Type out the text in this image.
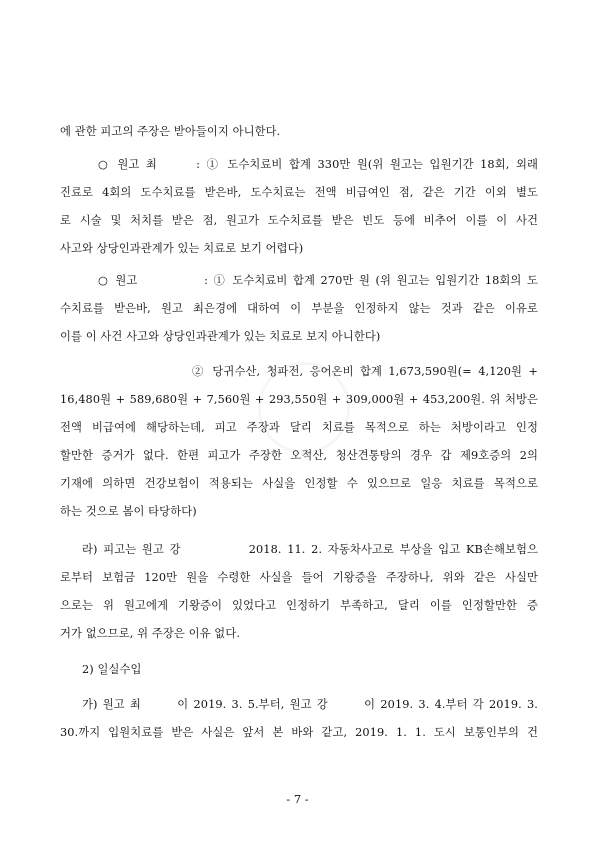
에 관한 피고의 주장은 받아들이지 아니한다.
○ 원고 최      : ① 도수치료비 합계 330만 원(위 원고는 입원기간 18회, 외래
진료로 4회의 도수치료를 받은바, 도수치료는 전액 비급여인 점, 같은 기간 이외 별도
로 시술 및 처치를 받은 점, 원고가 도수치료를 받은 빈도 등에 비추어 이를 이 사건
사고와 상당인과관계가 있는 치료로 보기 어렵다)
○ 원고            : ① 도수치료비 합계 270만 원 (위 원고는 입원기간 18회의 도
수치료를 받은바, 원고 최은경에 대하여 이 부분을 인정하지 않는 것과 같은 이유로
이를 이 사건 사고와 상당인과관계가 있는 치료로 보지 아니한다)
② 당귀수산, 청파전, 응어온비 합계 1,673,590원(= 4,120원 +
16,480원 + 589,680원 + 7,560원 + 293,550원 + 309,000원 + 453,200원. 위 처방은
전액 비급여에 해당하는데, 피고 주장과 달리 치료를 목적으로 하는 처방이라고 인정
할만한 증거가 없다. 한편 피고가 주장한 오적산, 청산견통탕의 경우 갑 제9호증의 2의
기재에 의하면 건강보험이 적용되는 사실을 인정할 수 있으므로 일응 치료를 목적으로
하는 것으로 봄이 타당하다)
라) 피고는 원고 강            2018. 11. 2. 자동차사고로 부상을 입고 KB손해보험으
로부터 보험금 120만 원을 수령한 사실을 들어 기왕증을 주장하나, 위와 같은 사실만
으로는 위 원고에게 기왕증이 있었다고 인정하기 부족하고, 달리 이를 인정할만한 증
거가 없으므로, 위 주장은 이유 없다.
2) 일실수입
가) 원고 최       이 2019. 3. 5.부터, 원고 강       이 2019. 3. 4.부터 각 2019. 3.
30.까지 입원치료를 받은 사실은 앞서 본 바와 같고, 2019. 1. 1. 도시 보통인부의 건
- 7 -
